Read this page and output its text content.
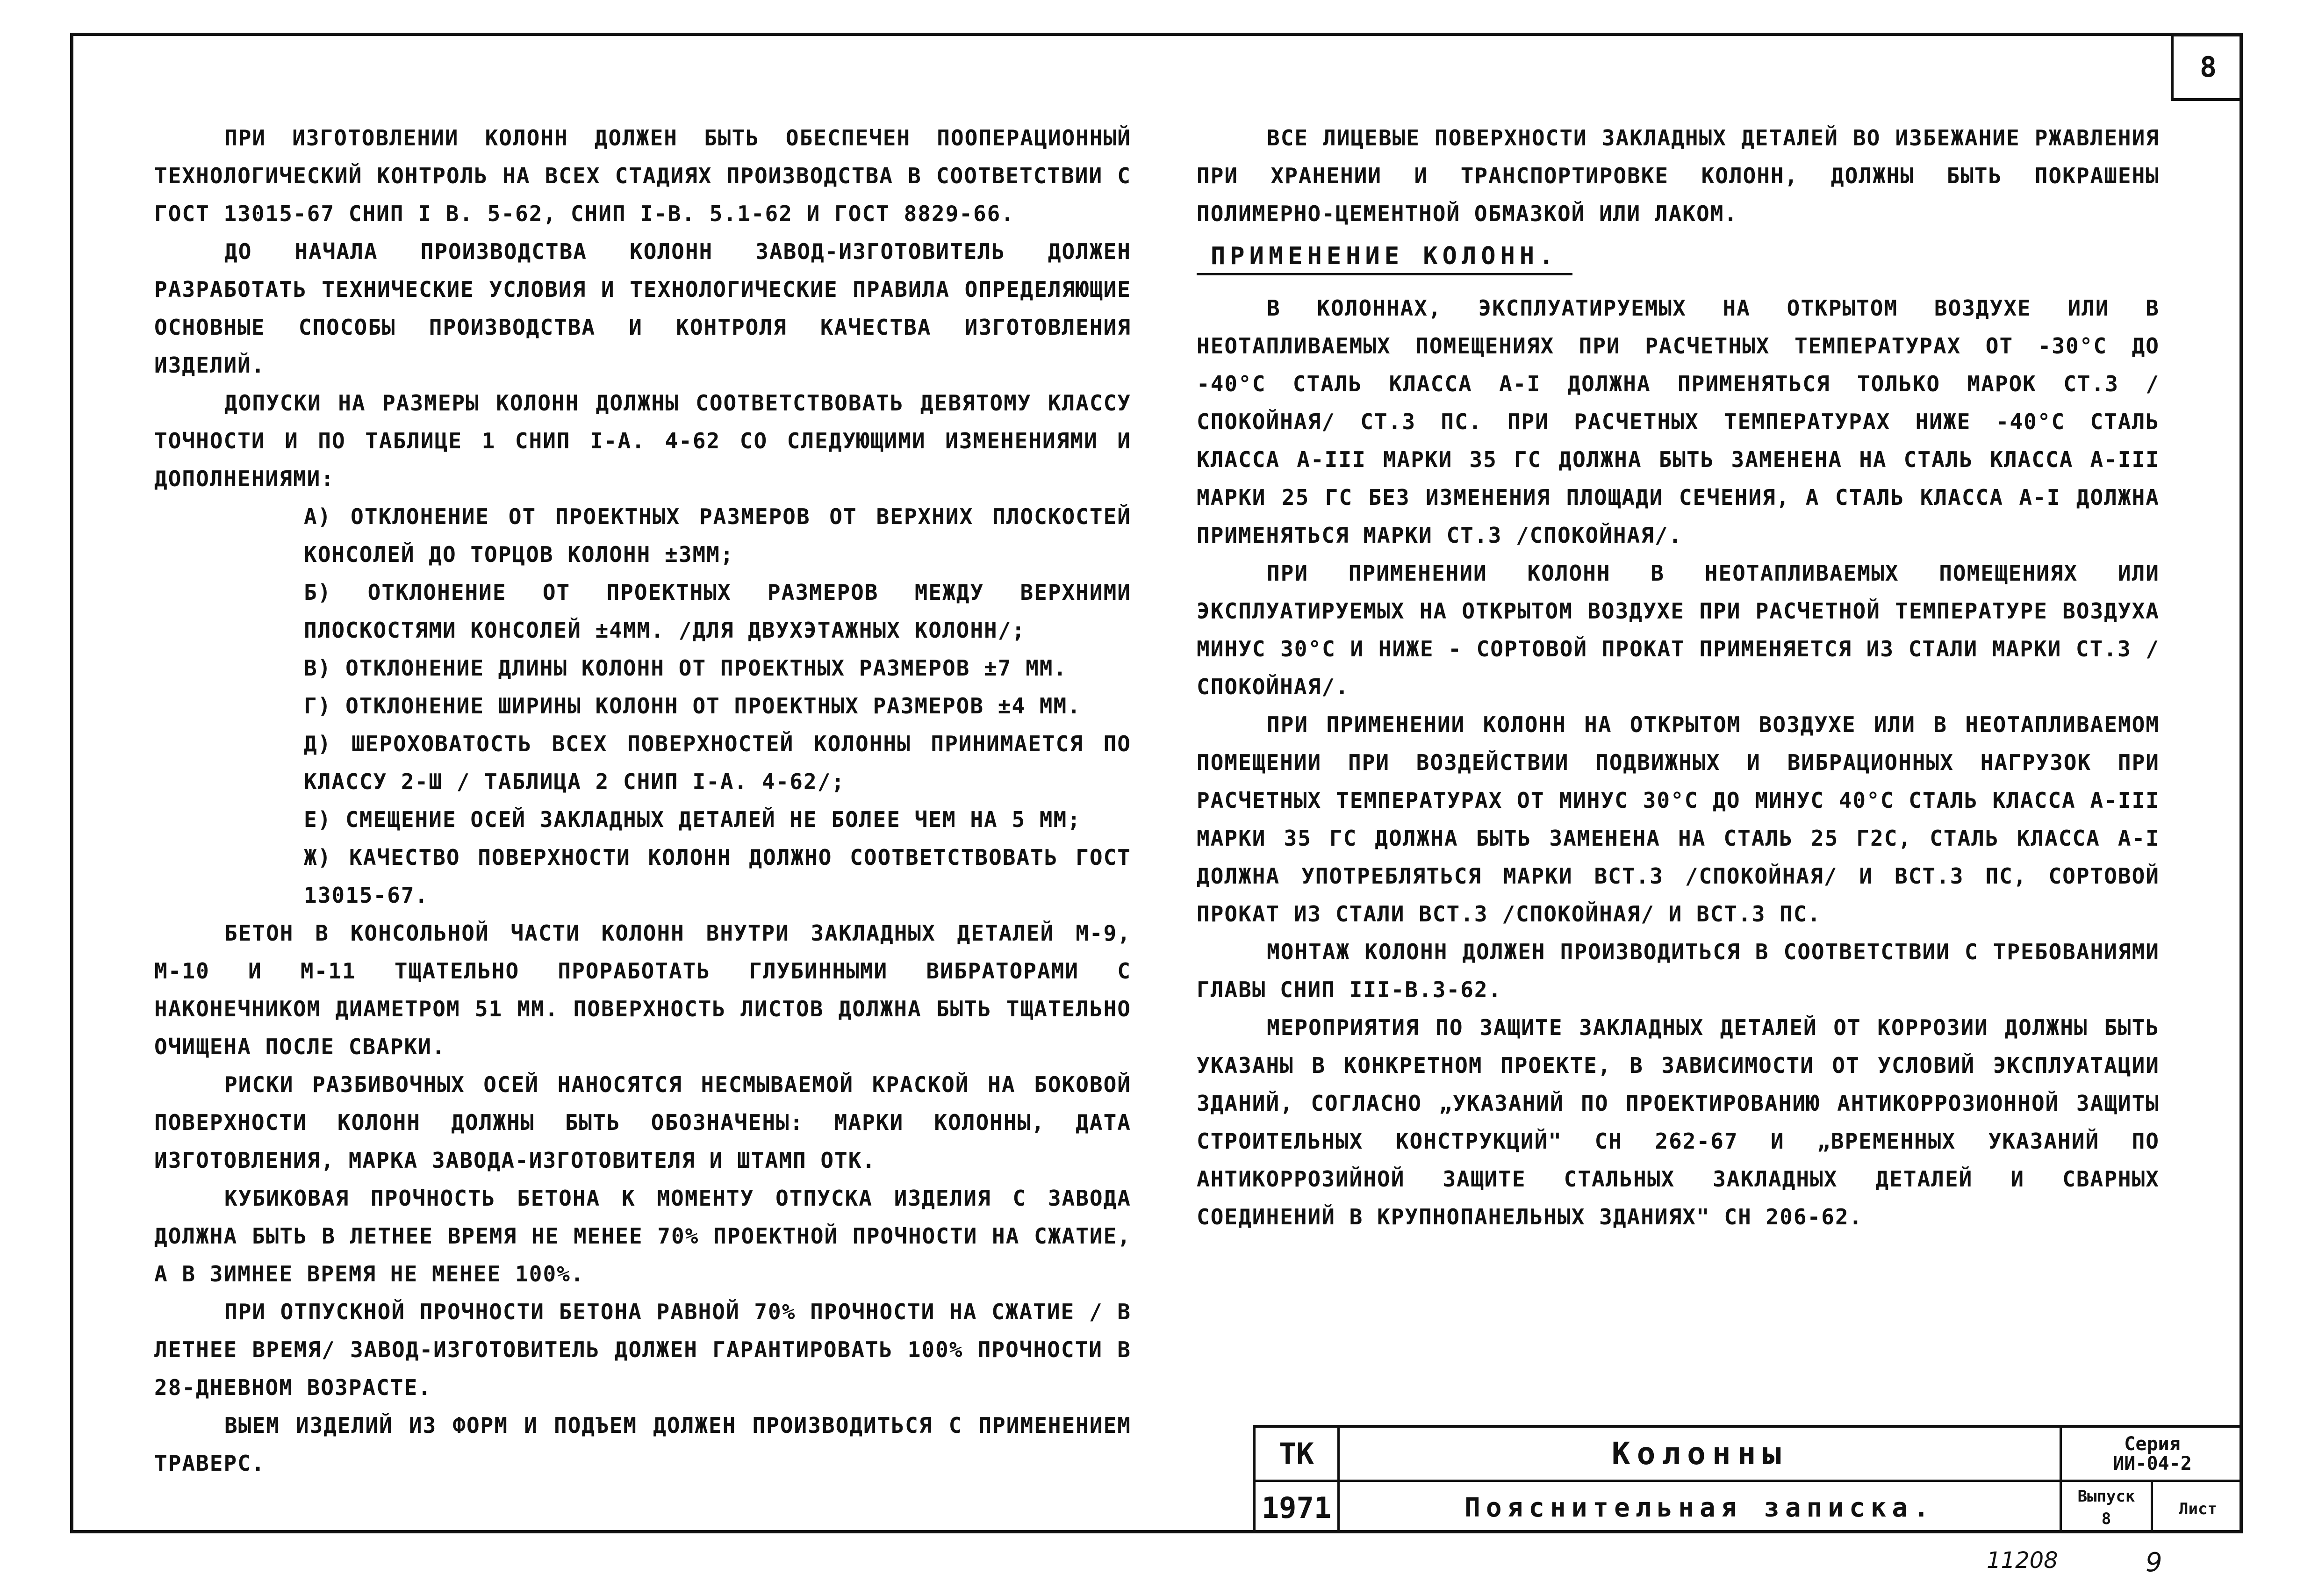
8

ПРИ ИЗГОТОВЛЕНИИ КОЛОНН ДОЛЖЕН БЫТЬ ОБЕСПЕЧЕН ПООПЕРАЦИОННЫЙ ТЕХНОЛОГИЧЕСКИЙ КОНТРОЛЬ НА ВСЕХ СТАДИЯХ ПРОИЗВОДСТВА В СООТВЕТСТВИИ С ГОСТ 13015-67 СНИП I В. 5-62, СНИП I-В. 5.1-62 И ГОСТ 8829-66.

ДО НАЧАЛА ПРОИЗВОДСТВА КОЛОНН ЗАВОД-ИЗГОТОВИТЕЛЬ ДОЛЖЕН РАЗРАБОТАТЬ ТЕХНИЧЕСКИЕ УСЛОВИЯ И ТЕХНОЛОГИЧЕСКИЕ ПРАВИЛА ОПРЕДЕЛЯЮЩИЕ ОСНОВНЫЕ СПОСОБЫ ПРОИЗВОДСТВА И КОНТРОЛЯ КАЧЕСТВА ИЗГОТОВЛЕНИЯ ИЗДЕЛИЙ.

ДОПУСКИ НА РАЗМЕРЫ КОЛОНН ДОЛЖНЫ СООТВЕТСТВОВАТЬ ДЕВЯТОМУ КЛАССУ ТОЧНОСТИ И ПО ТАБЛИЦЕ 1 СНИП I-А. 4-62 СО СЛЕДУЮЩИМИ ИЗМЕНЕНИЯМИ И ДОПОЛНЕНИЯМИ:

А) ОТКЛОНЕНИЕ ОТ ПРОЕКТНЫХ РАЗМЕРОВ ОТ ВЕРХНИХ ПЛОСКОСТЕЙ КОНСОЛЕЙ ДО ТОРЦОВ КОЛОНН ±3ММ;

Б) ОТКЛОНЕНИЕ ОТ ПРОЕКТНЫХ РАЗМЕРОВ МЕЖДУ ВЕРХНИМИ ПЛОСКОСТЯМИ КОНСОЛЕЙ ±4ММ. /ДЛЯ ДВУХЭТАЖНЫХ КОЛОНН/;

В) ОТКЛОНЕНИЕ ДЛИНЫ КОЛОНН ОТ ПРОЕКТНЫХ РАЗМЕРОВ ±7 ММ.

Г) ОТКЛОНЕНИЕ ШИРИНЫ КОЛОНН ОТ ПРОЕКТНЫХ РАЗМЕРОВ ±4 ММ.

Д) ШЕРОХОВАТОСТЬ ВСЕХ ПОВЕРХНОСТЕЙ КОЛОННЫ ПРИНИМАЕТСЯ ПО КЛАССУ 2-Ш / ТАБЛИЦА 2 СНИП I-А. 4-62/;

Е) СМЕЩЕНИЕ ОСЕЙ ЗАКЛАДНЫХ ДЕТАЛЕЙ НЕ БОЛЕЕ ЧЕМ НА 5 ММ;

Ж) КАЧЕСТВО ПОВЕРХНОСТИ КОЛОНН ДОЛЖНО СООТВЕТСТВОВАТЬ ГОСТ 13015-67.

БЕТОН В КОНСОЛЬНОЙ ЧАСТИ КОЛОНН ВНУТРИ ЗАКЛАДНЫХ ДЕТАЛЕЙ М-9, М-10 И М-11 ТЩАТЕЛЬНО ПРОРАБОТАТЬ ГЛУБИННЫМИ ВИБРАТОРАМИ С НАКОНЕЧНИКОМ ДИАМЕТРОМ 51 ММ. ПОВЕРХНОСТЬ ЛИСТОВ ДОЛЖНА БЫТЬ ТЩАТЕЛЬНО ОЧИЩЕНА ПОСЛЕ СВАРКИ.

РИСКИ РАЗБИВОЧНЫХ ОСЕЙ НАНОСЯТСЯ НЕСМЫВАЕМОЙ КРАСКОЙ НА БОКОВОЙ ПОВЕРХНОСТИ КОЛОНН ДОЛЖНЫ БЫТЬ ОБОЗНАЧЕНЫ: МАРКИ КОЛОННЫ, ДАТА ИЗГОТОВЛЕНИЯ, МАРКА ЗАВОДА-ИЗГОТОВИТЕЛЯ И ШТАМП ОТК.

КУБИКОВАЯ ПРОЧНОСТЬ БЕТОНА К МОМЕНТУ ОТПУСКА ИЗДЕЛИЯ С ЗАВОДА ДОЛЖНА БЫТЬ В ЛЕТНЕЕ ВРЕМЯ НЕ МЕНЕЕ 70% ПРОЕКТНОЙ ПРОЧНОСТИ НА СЖАТИЕ, А В ЗИМНЕЕ ВРЕМЯ НЕ МЕНЕЕ 100%.

ПРИ ОТПУСКНОЙ ПРОЧНОСТИ БЕТОНА РАВНОЙ 70% ПРОЧНОСТИ НА СЖАТИЕ / В ЛЕТНЕЕ ВРЕМЯ/ ЗАВОД-ИЗГОТОВИТЕЛЬ ДОЛЖЕН ГАРАНТИРОВАТЬ 100% ПРОЧНОСТИ В 28-ДНЕВНОМ ВОЗРАСТЕ.

ВЫЕМ ИЗДЕЛИЙ ИЗ ФОРМ И ПОДЪЕМ ДОЛЖЕН ПРОИЗВОДИТЬСЯ С ПРИМЕНЕНИЕМ ТРАВЕРС.

ВСЕ ЛИЦЕВЫЕ ПОВЕРХНОСТИ ЗАКЛАДНЫХ ДЕТАЛЕЙ ВО ИЗБЕЖАНИЕ РЖАВЛЕНИЯ ПРИ ХРАНЕНИИ И ТРАНСПОРТИРОВКЕ КОЛОНН, ДОЛЖНЫ БЫТЬ ПОКРАШЕНЫ ПОЛИМЕРНО-ЦЕМЕНТНОЙ ОБМАЗКОЙ ИЛИ ЛАКОМ.

ПРИМЕНЕНИЕ КОЛОНН.

В КОЛОННАХ, ЭКСПЛУАТИРУЕМЫХ НА ОТКРЫТОМ ВОЗДУХЕ ИЛИ В НЕОТАПЛИВАЕМЫХ ПОМЕЩЕНИЯХ ПРИ РАСЧЕТНЫХ ТЕМПЕРАТУРАХ ОТ -30°С ДО -40°С СТАЛЬ КЛАССА А-I ДОЛЖНА ПРИМЕНЯТЬСЯ ТОЛЬКО МАРОК СТ.3 /СПОКОЙНАЯ/ СТ.3 ПС. ПРИ РАСЧЕТНЫХ ТЕМПЕРАТУРАХ НИЖЕ -40°С СТАЛЬ КЛАССА А-III МАРКИ 35 ГС ДОЛЖНА БЫТЬ ЗАМЕНЕНА НА СТАЛЬ КЛАССА А-III МАРКИ 25 ГС БЕЗ ИЗМЕНЕНИЯ ПЛОЩАДИ СЕЧЕНИЯ, А СТАЛЬ КЛАССА А-I ДОЛЖНА ПРИМЕНЯТЬСЯ МАРКИ СТ.3 /СПОКОЙНАЯ/.

ПРИ ПРИМЕНЕНИИ КОЛОНН В НЕОТАПЛИВАЕМЫХ ПОМЕЩЕНИЯХ ИЛИ ЭКСПЛУАТИРУЕМЫХ НА ОТКРЫТОМ ВОЗДУХЕ ПРИ РАСЧЕТНОЙ ТЕМПЕРАТУРЕ ВОЗДУХА МИНУС 30°С И НИЖЕ - СОРТОВОЙ ПРОКАТ ПРИМЕНЯЕТСЯ ИЗ СТАЛИ МАРКИ СТ.3 /СПОКОЙНАЯ/.

ПРИ ПРИМЕНЕНИИ КОЛОНН НА ОТКРЫТОМ ВОЗДУХЕ ИЛИ В НЕОТАПЛИВАЕМОМ ПОМЕЩЕНИИ ПРИ ВОЗДЕЙСТВИИ ПОДВИЖНЫХ И ВИБРАЦИОННЫХ НАГРУЗОК ПРИ РАСЧЕТНЫХ ТЕМПЕРАТУРАХ ОТ МИНУС 30°С ДО МИНУС 40°С СТАЛЬ КЛАССА А-III МАРКИ 35 ГС ДОЛЖНА БЫТЬ ЗАМЕНЕНА НА СТАЛЬ 25 Г2С, СТАЛЬ КЛАССА А-I ДОЛЖНА УПОТРЕБЛЯТЬСЯ МАРКИ ВСТ.3 /СПОКОЙНАЯ/ И ВСТ.3 ПС, СОРТОВОЙ ПРОКАТ ИЗ СТАЛИ ВСТ.3 /СПОКОЙНАЯ/ И ВСТ.3 ПС.

МОНТАЖ КОЛОНН ДОЛЖЕН ПРОИЗВОДИТЬСЯ В СООТВЕТСТВИИ С ТРЕБОВАНИЯМИ ГЛАВЫ СНИП III-В.3-62.

МЕРОПРИЯТИЯ ПО ЗАЩИТЕ ЗАКЛАДНЫХ ДЕТАЛЕЙ ОТ КОРРОЗИИ ДОЛЖНЫ БЫТЬ УКАЗАНЫ В КОНКРЕТНОМ ПРОЕКТЕ, В ЗАВИСИМОСТИ ОТ УСЛОВИЙ ЭКСПЛУАТАЦИИ ЗДАНИЙ, СОГЛАСНО „УКАЗАНИЙ ПО ПРОЕКТИРОВАНИЮ АНТИКОРРОЗИОННОЙ ЗАЩИТЫ СТРОИТЕЛЬНЫХ КОНСТРУКЦИЙ" СН 262-67 И „ВРЕМЕННЫХ УКАЗАНИЙ ПО АНТИКОРРОЗИЙНОЙ ЗАЩИТЕ СТАЛЬНЫХ ЗАКЛАДНЫХ ДЕТАЛЕЙ И СВАРНЫХ СОЕДИНЕНИЙ В КРУПНОПАНЕЛЬНЫХ ЗДАНИЯХ" СН 206-62.

ТК
1971
Колонны
Пояснительная записка.
Серия
ИИ-04-2
Выпуск
8
Лист
11208	9
